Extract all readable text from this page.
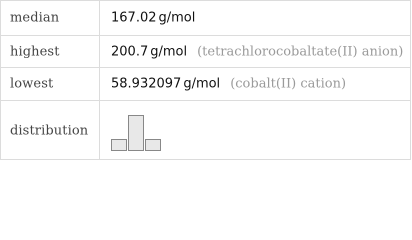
median	167.02 g/mol
highest	200.7 g/mol (tetrachlorocobaltate(II) anion)
lowest	58.932097 g/mol (cobalt(II) cation)
distribution
